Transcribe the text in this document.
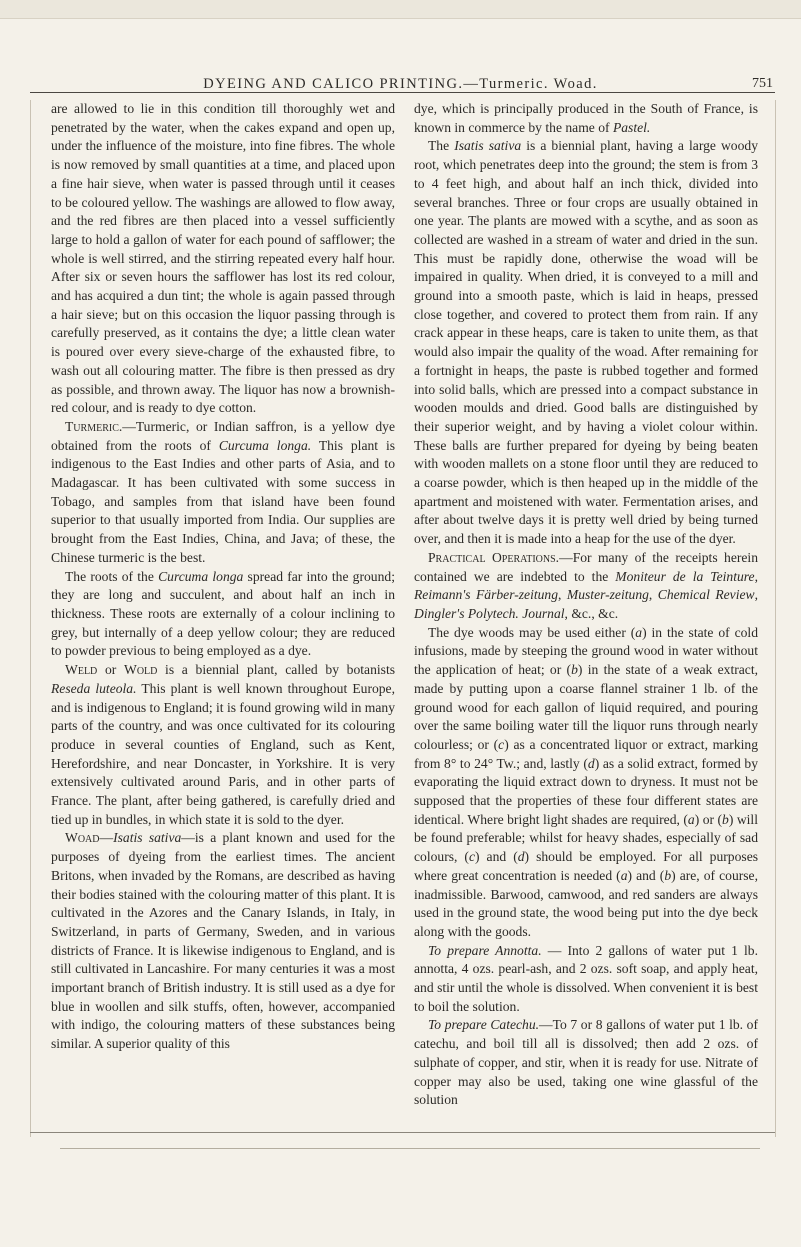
DYEING AND CALICO PRINTING.—Turmeric. Woad.	751

are allowed to lie in this condition till thoroughly wet and penetrated by the water, when the cakes expand and open up, under the influence of the moisture, into fine fibres. The whole is now removed by small quantities at a time, and placed upon a fine hair sieve, when water is passed through until it ceases to be coloured yellow. The washings are allowed to flow away, and the red fibres are then placed into a vessel sufficiently large to hold a gallon of water for each pound of safflower; the whole is well stirred, and the stirring repeated every half hour. After six or seven hours the safflower has lost its red colour, and has acquired a dun tint; the whole is again passed through a hair sieve; but on this occasion the liquor passing through is carefully preserved, as it contains the dye; a little clean water is poured over every sieve-charge of the exhausted fibre, to wash out all colouring matter. The fibre is then pressed as dry as possible, and thrown away. The liquor has now a brownish-red colour, and is ready to dye cotton.

Turmeric.—Turmeric, or Indian saffron, is a yellow dye obtained from the roots of Curcuma longa. This plant is indigenous to the East Indies and other parts of Asia, and to Madagascar. It has been cultivated with some success in Tobago, and samples from that island have been found superior to that usually imported from India. Our supplies are brought from the East Indies, China, and Java; of these, the Chinese turmeric is the best.

The roots of the Curcuma longa spread far into the ground; they are long and succulent, and about half an inch in thickness. These roots are externally of a colour inclining to grey, but internally of a deep yellow colour; they are reduced to powder previous to being employed as a dye.

Weld or Wold is a biennial plant, called by botanists Reseda luteola. This plant is well known throughout Europe, and is indigenous to England; it is found growing wild in many parts of the country, and was once cultivated for its colouring produce in several counties of England, such as Kent, Herefordshire, and near Doncaster, in Yorkshire. It is very extensively cultivated around Paris, and in other parts of France. The plant, after being gathered, is carefully dried and tied up in bundles, in which state it is sold to the dyer.

Woad—Isatis sativa—is a plant known and used for the purposes of dyeing from the earliest times. The ancient Britons, when invaded by the Romans, are described as having their bodies stained with the colouring matter of this plant. It is cultivated in the Azores and the Canary Islands, in Italy, in Switzerland, in parts of Germany, Sweden, and in various districts of France. It is likewise indigenous to England, and is still cultivated in Lancashire. For many centuries it was a most important branch of British industry. It is still used as a dye for blue in woollen and silk stuffs, often, however, accompanied with indigo, the colouring matters of these substances being similar. A superior quality of this

dye, which is principally produced in the South of France, is known in commerce by the name of Pastel.

The Isatis sativa is a biennial plant, having a large woody root, which penetrates deep into the ground; the stem is from 3 to 4 feet high, and about half an inch thick, divided into several branches. Three or four crops are usually obtained in one year. The plants are mowed with a scythe, and as soon as collected are washed in a stream of water and dried in the sun. This must be rapidly done, otherwise the woad will be impaired in quality. When dried, it is conveyed to a mill and ground into a smooth paste, which is laid in heaps, pressed close together, and covered to protect them from rain. If any crack appear in these heaps, care is taken to unite them, as that would also impair the quality of the woad. After remaining for a fortnight in heaps, the paste is rubbed together and formed into solid balls, which are pressed into a compact substance in wooden moulds and dried. Good balls are distinguished by their superior weight, and by having a violet colour within. These balls are further prepared for dyeing by being beaten with wooden mallets on a stone floor until they are reduced to a coarse powder, which is then heaped up in the middle of the apartment and moistened with water. Fermentation arises, and after about twelve days it is pretty well dried by being turned over, and then it is made into a heap for the use of the dyer.

Practical Operations.—For many of the receipts herein contained we are indebted to the Moniteur de la Teinture, Reimann's Färber-zeitung, Muster-zeitung, Chemical Review, Dingler's Polytech. Journal, &c., &c.

The dye woods may be used either (a) in the state of cold infusions, made by steeping the ground wood in water without the application of heat; or (b) in the state of a weak extract, made by putting upon a coarse flannel strainer 1 lb. of the ground wood for each gallon of liquid required, and pouring over the same boiling water till the liquor runs through nearly colourless; or (c) as a concentrated liquor or extract, marking from 8° to 24° Tw.; and, lastly (d) as a solid extract, formed by evaporating the liquid extract down to dryness. It must not be supposed that the properties of these four different states are identical. Where bright light shades are required, (a) or (b) will be found preferable; whilst for heavy shades, especially of sad colours, (c) and (d) should be employed. For all purposes where great concentration is needed (a) and (b) are, of course, inadmissible. Barwood, camwood, and red sanders are always used in the ground state, the wood being put into the dye beck along with the goods.

To prepare Annotta. — Into 2 gallons of water put 1 lb. annotta, 4 ozs. pearl-ash, and 2 ozs. soft soap, and apply heat, and stir until the whole is dissolved. When convenient it is best to boil the solution.

To prepare Catechu.—To 7 or 8 gallons of water put 1 lb. of catechu, and boil till all is dissolved; then add 2 ozs. of sulphate of copper, and stir, when it is ready for use. Nitrate of copper may also be used, taking one wine glassful of the solution
